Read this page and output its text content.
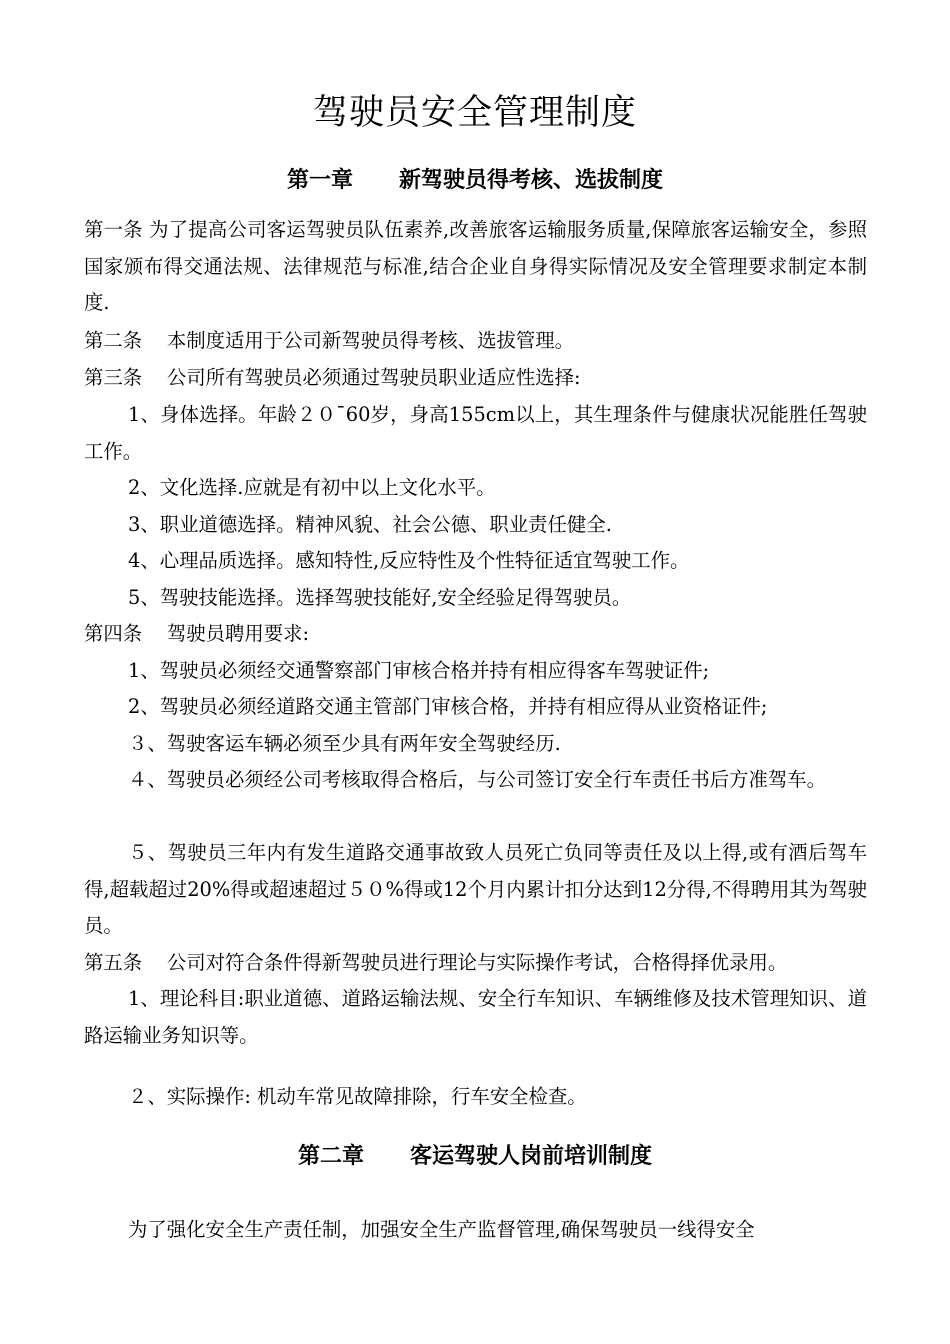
驾驶员安全管理制度
第一章      新驾驶员得考核、选拔制度

第一条 为了提高公司客运驾驶员队伍素养,改善旅客运输服务质量,保障旅客运输安全，参照国家颁布得交通法规、法律规范与标准,结合企业自身得实际情况及安全管理要求制定本制度.

第二条    本制度适用于公司新驾驶员得考核、选拔管理。

第三条    公司所有驾驶员必须通过驾驶员职业适应性选择:

1、身体选择。年龄２０¯60岁，身高155cm以上，其生理条件与健康状况能胜任驾驶工作。

2、文化选择.应就是有初中以上文化水平。

3、职业道德选择。精神风貌、社会公德、职业责任健全.

4、心理品质选择。感知特性,反应特性及个性特征适宜驾驶工作。

5、驾驶技能选择。选择驾驶技能好,安全经验足得驾驶员。

第四条    驾驶员聘用要求:

1、驾驶员必须经交通警察部门审核合格并持有相应得客车驾驶证件;

2、驾驶员必须经道路交通主管部门审核合格，并持有相应得从业资格证件;

３、驾驶客运车辆必须至少具有两年安全驾驶经历.

４、驾驶员必须经公司考核取得合格后，与公司签订安全行车责任书后方准驾车。

５、驾驶员三年内有发生道路交通事故致人员死亡负同等责任及以上得,或有酒后驾车得,超载超过20%得或超速超过５０%得或12个月内累计扣分达到12分得,不得聘用其为驾驶员。

第五条    公司对符合条件得新驾驶员进行理论与实际操作考试，合格得择优录用。

1、理论科目:职业道德、道路运输法规、安全行车知识、车辆维修及技术管理知识、道路运输业务知识等。

２、实际操作: 机动车常见故障排除，行车安全检查。

第二章      客运驾驶人岗前培训制度

为了强化安全生产责任制，加强安全生产监督管理,确保驾驶员一线得安全
